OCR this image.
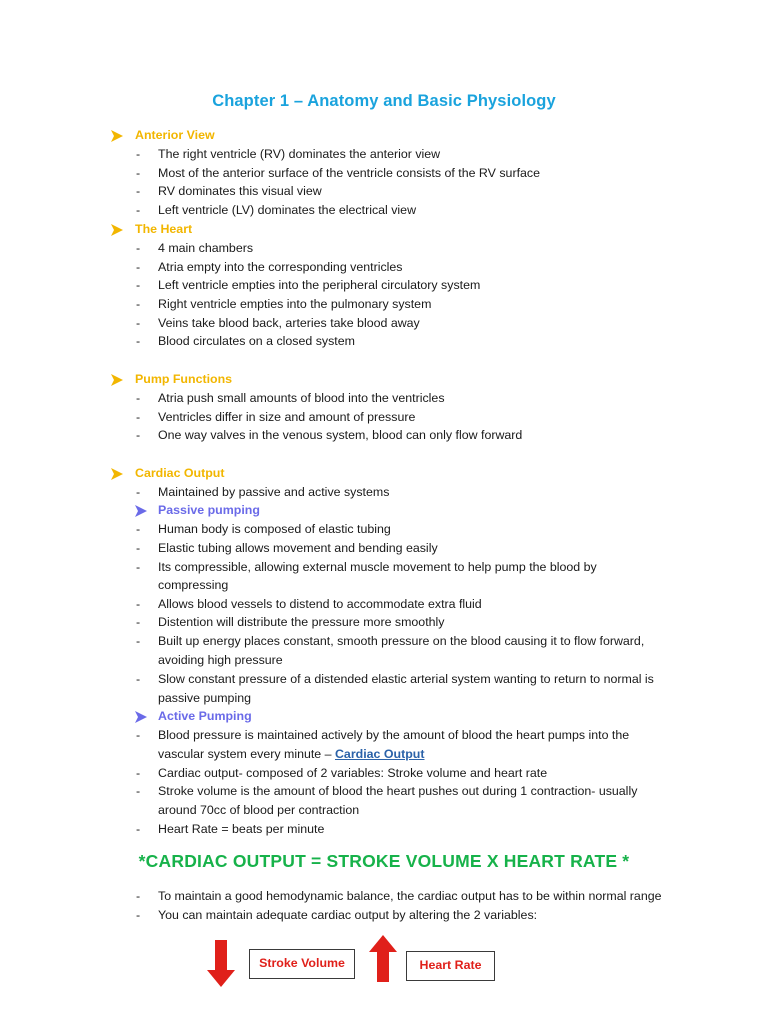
Chapter 1 – Anatomy and Basic Physiology
Anterior View
- The right ventricle (RV) dominates the anterior view
- Most of the anterior surface of the ventricle consists of the RV surface
- RV dominates this visual view
- Left ventricle (LV) dominates the electrical view
The Heart
- 4 main chambers
- Atria empty into the corresponding ventricles
- Left ventricle empties into the peripheral circulatory system
- Right ventricle empties into the pulmonary system
- Veins take blood back, arteries take blood away
- Blood circulates on a closed system
Pump Functions
- Atria push small amounts of blood into the ventricles
- Ventricles differ in size and amount of pressure
- One way valves in the venous system, blood can only flow forward
Cardiac Output
- Maintained by passive and active systems
Passive pumping
- Human body is composed of elastic tubing
- Elastic tubing allows movement and bending easily
- Its compressible, allowing external muscle movement to help pump the blood by
compressing
- Allows blood vessels to distend to accommodate extra fluid
- Distention will distribute the pressure more smoothly
- Built up energy places constant, smooth pressure on the blood causing it to flow forward,
avoiding high pressure
- Slow constant pressure of a distended elastic arterial system wanting to return to normal is
passive pumping
Active Pumping
- Blood pressure is maintained actively by the amount of blood the heart pumps into the
vascular system every minute – Cardiac Output
- Cardiac output- composed of 2 variables: Stroke volume and heart rate
- Stroke volume is the amount of blood the heart pushes out during 1 contraction- usually
around 70cc of blood per contraction
- Heart Rate = beats per minute
*CARDIAC OUTPUT = STROKE VOLUME X HEART RATE *
- To maintain a good hemodynamic balance, the cardiac output has to be within normal range
- You can maintain adequate cardiac output by altering the 2 variables:
Stroke Volume	Heart Rate
